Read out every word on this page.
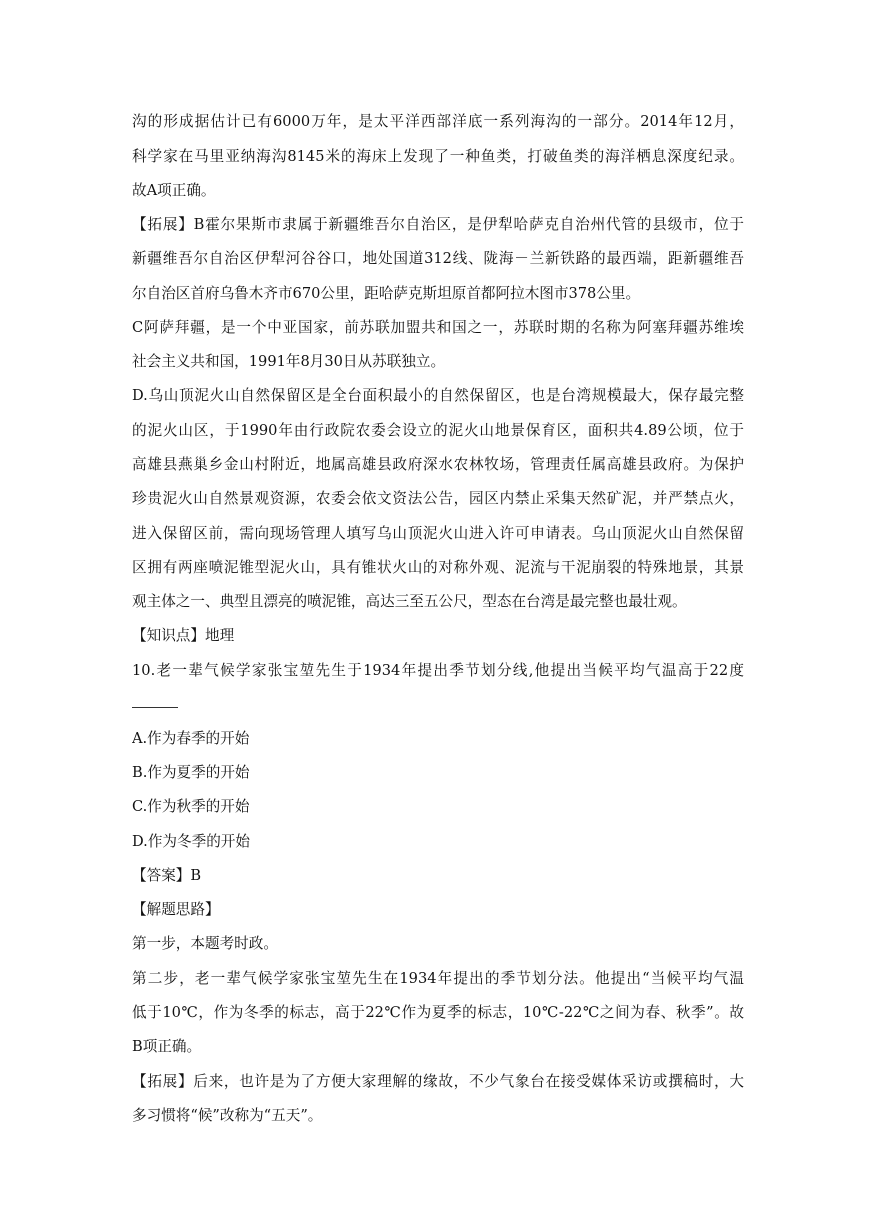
沟的形成据估计已有6000万年，是太平洋西部洋底一系列海沟的一部分。2014年12月，
科学家在马里亚纳海沟8145米的海床上发现了一种鱼类，打破鱼类的海洋栖息深度纪录。
故A项正确。
【拓展】B霍尔果斯市隶属于新疆维吾尔自治区，是伊犁哈萨克自治州代管的县级市，位于
新疆维吾尔自治区伊犁河谷谷口，地处国道312线、陇海－兰新铁路的最西端，距新疆维吾
尔自治区首府乌鲁木齐市670公里，距哈萨克斯坦原首都阿拉木图市378公里。
C阿萨拜疆，是一个中亚国家，前苏联加盟共和国之一，苏联时期的名称为阿塞拜疆苏维埃
社会主义共和国，1991年8月30日从苏联独立。
D.乌山顶泥火山自然保留区是全台面积最小的自然保留区，也是台湾规模最大，保存最完整
的泥火山区，于1990年由行政院农委会设立的泥火山地景保育区，面积共4.89公顷，位于
高雄县燕巢乡金山村附近，地属高雄县政府深水农林牧场，管理责任属高雄县政府。为保护
珍贵泥火山自然景观资源，农委会依文资法公告，园区内禁止采集天然矿泥，并严禁点火，
进入保留区前，需向现场管理人填写乌山顶泥火山进入许可申请表。乌山顶泥火山自然保留
区拥有两座喷泥锥型泥火山，具有锥状火山的对称外观、泥流与干泥崩裂的特殊地景，其景
观主体之一、典型且漂亮的喷泥锥，高达三至五公尺，型态在台湾是最完整也最壮观。
【知识点】地理
10.老一辈气候学家张宝堃先生于1934年提出季节划分线,他提出当候平均气温高于22度
A.作为春季的开始
B.作为夏季的开始
C.作为秋季的开始
D.作为冬季的开始
【答案】B
【解题思路】
第一步，本题考时政。
第二步，老一辈气候学家张宝堃先生在1934年提出的季节划分法。他提出“当候平均气温
低于10℃，作为冬季的标志，高于22℃作为夏季的标志，10℃-22℃之间为春、秋季”。故
B项正确。
【拓展】后来，也许是为了方便大家理解的缘故，不少气象台在接受媒体采访或撰稿时，大
多习惯将“候”改称为“五天”。
